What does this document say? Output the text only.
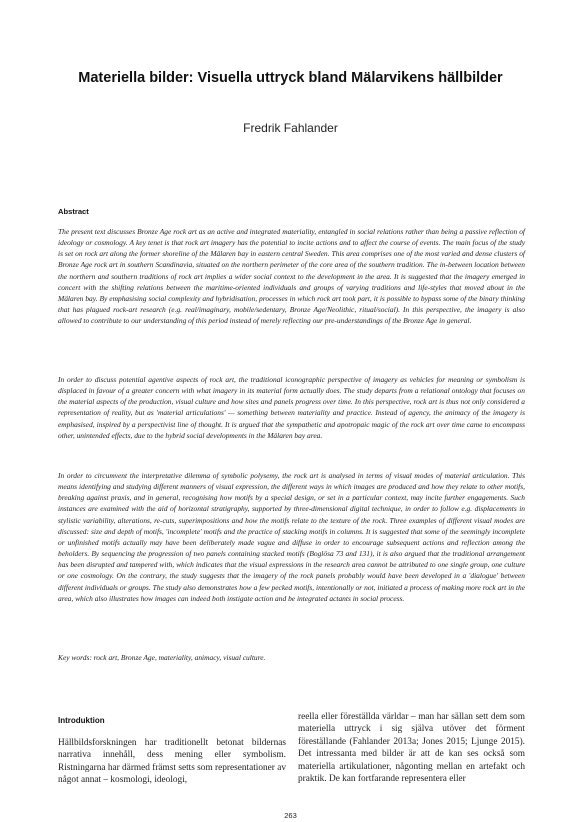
Materiella bilder: Visuella uttryck bland Mälarvikens hällbilder
Fredrik Fahlander
Abstract

The present text discusses Bronze Age rock art as an active and integrated materiality, entangled in social relations rather than being a passive reflection of ideology or cosmology. A key tenet is that rock art imagery has the potential to incite actions and to affect the course of events. The main focus of the study is set on rock art along the former shoreline of the Mälaren bay in eastern central Sweden. This area comprises one of the most varied and dense clusters of Bronze Age rock art in southern Scandinavia, situated on the northern perimeter of the core area of the southern tradition. The in-between location between the northern and southern traditions of rock art implies a wider social context to the development in the area. It is suggested that the imagery emerged in concert with the shifting relations between the maritime-oriented individuals and groups of varying traditions and life-styles that moved about in the Mälaren bay. By emphasising social complexity and hybridisation, processes in which rock art took part, it is possible to bypass some of the binary thinking that has plagued rock-art research (e.g. real/imaginary, mobile/sedentary, Bronze Age/Neolithic, ritual/social). In this perspective, the imagery is also allowed to contribute to our understanding of this period instead of merely reflecting our pre-understandings of the Bronze Age in general.

In order to discuss potential agentive aspects of rock art, the traditional iconographic perspective of imagery as vehicles for meaning or symbolism is displaced in favour of a greater concern with what imagery in its material form actually does. The study departs from a relational ontology that focuses on the material aspects of the production, visual culture and how sites and panels progress over time. In this perspective, rock art is thus not only considered a representation of reality, but as 'material articulations' — something between materiality and practice. Instead of agency, the animacy of the imagery is emphasised, inspired by a perspectivist line of thought. It is argued that the sympathetic and apotropaic magic of the rock art over time came to encompass other, unintended effects, due to the hybrid social developments in the Mälaren bay area.

In order to circumvent the interpretative dilemma of symbolic polysemy, the rock art is analysed in terms of visual modes of material articulation. This means identifying and studying different manners of visual expression, the different ways in which images are produced and how they relate to other motifs, breaking against praxis, and in general, recognising how motifs by a special design, or set in a particular context, may incite further engagements. Such instances are examined with the aid of horizontal stratigraphy, supported by three-dimensional digital technique, in order to follow e.g. displacements in stylistic variability, alterations, re-cuts, superimpositions and how the motifs relate to the texture of the rock. Three examples of different visual modes are discussed: size and depth of motifs, 'incomplete' motifs and the practice of stacking motifs in columns. It is suggested that some of the seemingly incomplete or unfinished motifs actually may have been deliberately made vague and diffuse in order to encourage subsequent actions and reflection among the beholders. By sequencing the progression of two panels containing stacked motifs (Boglösa 73 and 131), it is also argued that the traditional arrangement has been disrupted and tampered with, which indicates that the visual expressions in the research area cannot be attributed to one single group, one culture or one cosmology. On the contrary, the study suggests that the imagery of the rock panels probably would have been developed in a 'dialogue' between different individuals or groups. The study also demonstrates how a few pecked motifs, intentionally or not, initiated a process of making more rock art in the area, which also illustrates how images can indeed both instigate action and be integrated actants in social process.

Key words: rock art, Bronze Age, materiality, animacy, visual culture.

Introduktion

Hällbildsforskningen har traditionellt betonat bildernas narrativa innehåll, dess mening eller symbolism. Ristningarna har därmed främst setts som representationer av något annat – kosmologi, ideologi,

reella eller föreställda världar – man har sällan sett dem som materiella uttryck i sig själva utöver det förment föreställande (Fahlander 2013a; Jones 2015; Ljunge 2015). Det intressanta med bilder är att de kan ses också som materiella artikulationer, någonting mellan en artefakt och praktik. De kan fortfarande representera eller

263
